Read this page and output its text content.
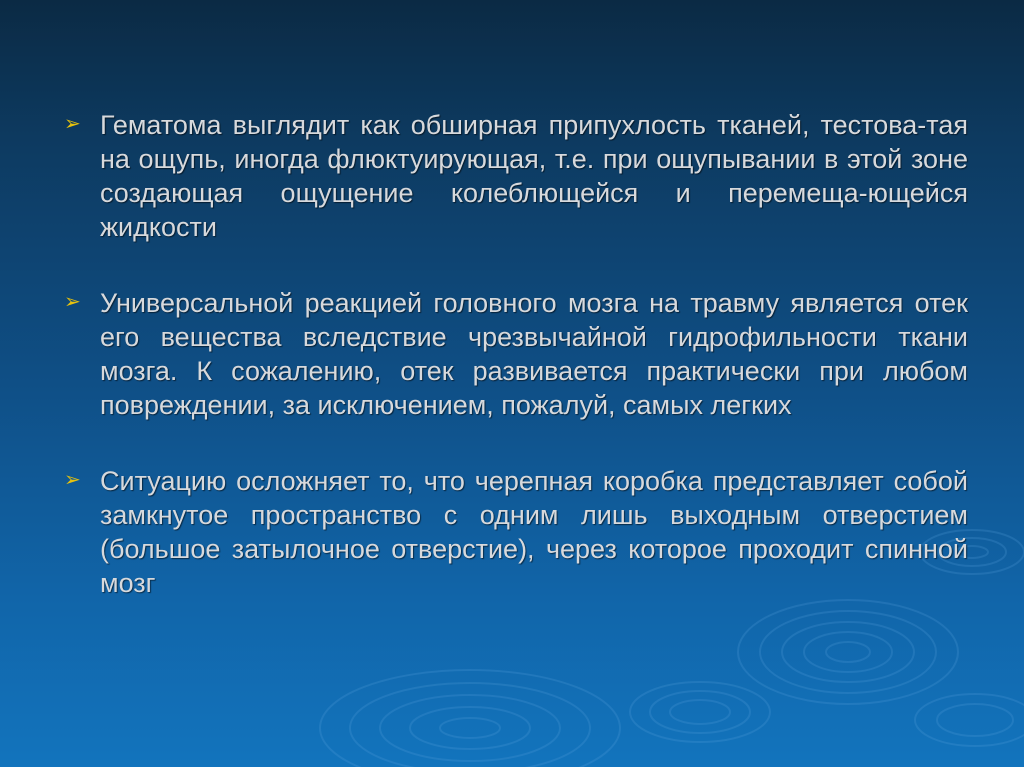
➢ Гематома выглядит как обширная припухлость тканей, тестова-тая на ощупь, иногда флюктуирующая, т.е. при ощупывании в этой зоне создающая ощущение колеблющейся и перемеща-ющейся жидкости
➢ Универсальной реакцией головного мозга на травму является отек его вещества вследствие чрезвычайной гидрофильности ткани мозга. К сожалению, отек развивается практически при любом повреждении, за исключением, пожалуй, самых легких
➢ Ситуацию осложняет то, что черепная коробка представляет собой замкнутое пространство с одним лишь выходным отверстием (большое затылочное отверстие), через которое проходит спинной мозг
